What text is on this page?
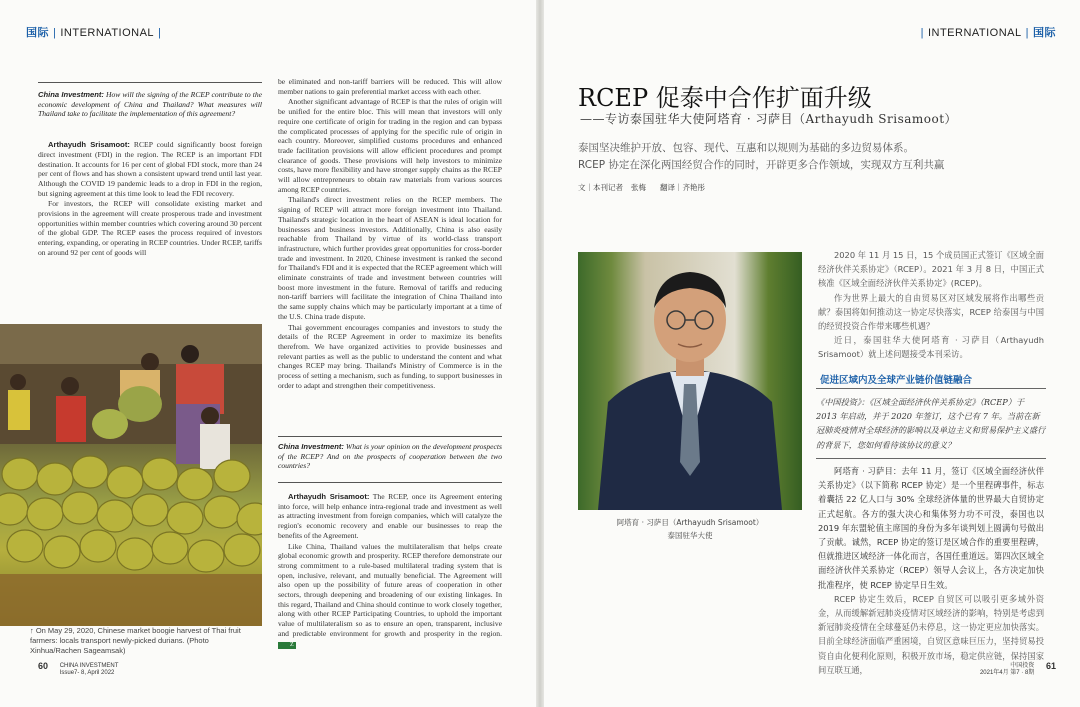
国际 | INTERNATIONAL |

China Investment: How will the signing of the RCEP contribute to the economic development of China and Thailand? What measures will Thailand take to facilitate the implementation of this agreement?

Arthayudh Srisamoot: RCEP could significantly boost foreign direct investment (FDI) in the region. The RCEP is an important FDI destination. It accounts for 16 per cent of global FDI stock, more than 24 per cent of flows and has shown a consistent upward trend until last year. Although the COVID 19 pandemic leads to a drop in FDI in the region, but signing agreement at this time look to lead the FDI recovery.

For investors, the RCEP will consolidate existing market and provisions in the agreement will create prosperous trade and investment opportunities within member countries which covering around 30 percent of the global GDP. The RCEP eases the process required of investors entering, expanding, or operating in RCEP countries. Under RCEP, tariffs on around 92 per cent of goods will

be eliminated and non-tariff barriers will be reduced. This will allow member nations to gain preferential market access with each other.

Another significant advantage of RCEP is that the rules of origin will be unified for the entire bloc. This will mean that investors will only require one certificate of origin for trading in the region and can bypass the complicated processes of applying for the specific rule of origin in each country. Moreover, simplified customs procedures and enhanced trade facilitation provisions will allow efficient procedures and prompt clearance of goods. These provisions will help investors to minimize costs, have more flexibility and have stronger supply chains as the RCEP will allow entrepreneurs to obtain raw materials from various sources among RCEP countries.

Thailand's direct investment relies on the RCEP members. The signing of RCEP will attract more foreign investment into Thailand. Thailand's strategic location in the heart of ASEAN is ideal location for businesses and business investors. Additionally, China is also easily reachable from Thailand by virtue of its world-class transport infrastructure, which further provides great opportunities for cross-border trade and investment. In 2020, Chinese investment is ranked the second for Thailand's FDI and it is expected that the RCEP agreement which will eliminate constraints of trade and investment between countries will boost more investment in the future. Removal of tariffs and reducing non-tariff barriers will facilitate the integration of China Thailand into the same supply chains which may be particularly important at a time of the U.S. China trade dispute.

Thai government encourages companies and investors to study the details of the RCEP Agreement in order to maximize its benefits therefrom. We have organized activities to provide businesses and relevant parties as well as the public to understand the content and what changes RCEP may bring. Thailand's Ministry of Commerce is in the process of setting a mechanism, such as funding, to support businesses in order to adapt and strengthen their competitiveness.

China Investment: What is your opinion on the development prospects of the RCEP? And on the prospects of cooperation between the two countries?

Arthayudh Srisamoot: The RCEP, once its Agreement entering into force, will help enhance intra-regional trade and investment as well as attracting investment from foreign companies, which will catalyze the region's economic recovery and enable our businesses to reap the benefits of the Agreement.

Like China, Thailand values the multilateralism that helps create global economic growth and prosperity. RCEP therefore demonstrate our strong commitment to a rule-based multilateral trading system that is open, inclusive, relevant, and mutually beneficial. The Agreement will also open up the possibility of future areas of cooperation in other sectors, through deepening and broadening of our existing linkages. In this regard, Thailand and China should continue to work closely together, along with other RCEP Participating Countries, to uphold the important value of multilateralism so as to ensure an open, transparent, inclusive and predictable environment for growth and prosperity in the region. Z

↑ On May 29, 2020, Chinese market boogie harvest of Thai fruit farmers: locals transport newly-picked durians. (Photo Xinhua/Rachen Sageamsak)
60 CHINA INVESTMENT
Issue7- 8, April 2022
| INTERNATIONAL | 国际
RCEP 促泰中合作扩面升级
——专访泰国驻华大使阿塔育 · 习萨目（Arthayudh Srisamoot）
泰国坚决维护开放、包容、现代、互惠和以规则为基础的多边贸易体系。
RCEP 协定在深化两国经贸合作的同时，开辟更多合作领域，实现双方互利共赢
文｜本刊记者 张梅 翻译｜齐艳彤
阿塔育 · 习萨目（Arthayudh Srisamoot）
泰国驻华大使

2020 年 11 月 15 日，15 个成员国正式签订《区域全面经济伙伴关系协定》（RCEP）。2021 年 3 月 8 日，中国正式核准《区域全面经济伙伴关系协定》(RCEP)。

作为世界上最大的自由贸易区对区域发展将作出哪些贡献？泰国将如何推动这一协定尽快落实，RCEP 给泰国与中国的经贸投资合作带来哪些机遇？

近日，泰国驻华大使阿塔育 · 习萨目（Arthayudh Srisamoot）就上述问题接受本刊采访。

促进区域内及全球产业链价值链融合
《中国投资》：《区域全面经济伙伴关系协定》（RCEP）于 2013 年启动，并于 2020 年签订，这个已有 7 年。当前在新冠肺炎疫情对全球经济的影响以及单边主义和贸易保护主义盛行的背景下，您如何看待该协议的意义？

阿塔育 · 习萨目：去年 11 月，签订《区域全面经济伙伴关系协定》（以下简称 RCEP 协定）是一个里程碑事件，标志着囊括 22 亿人口与 30% 全球经济体量的世界最大自贸协定正式起航。各方的强大决心和集体努力功不可没，泰国也以 2019 年东盟轮值主席国的身份为多年谈判划上圆满句号做出了贡献。诚然，RCEP 协定的签订是区域合作的重要里程碑，但就推进区域经济一体化而言，各国任重道远。第四次区域全面经济伙伴关系协定（RCEP）领导人会议上，各方决定加快批准程序，使 RCEP 协定早日生效。

RCEP 协定生效后，RCEP 自贸区可以吸引更多域外资金，从而缓解新冠肺炎疫情对区域经济的影响，特别是考虑到新冠肺炎疫情在全球蔓延仍未停息，这一协定更应加快落实。目前全球经济面临严重困境，自贸区意味巨压力，坚持贸易投资自由化便利化原则，积极开放市场，稳定供应链，保持国家间互联互通，	中国投资
2021年4月 第7 · 8期 61
